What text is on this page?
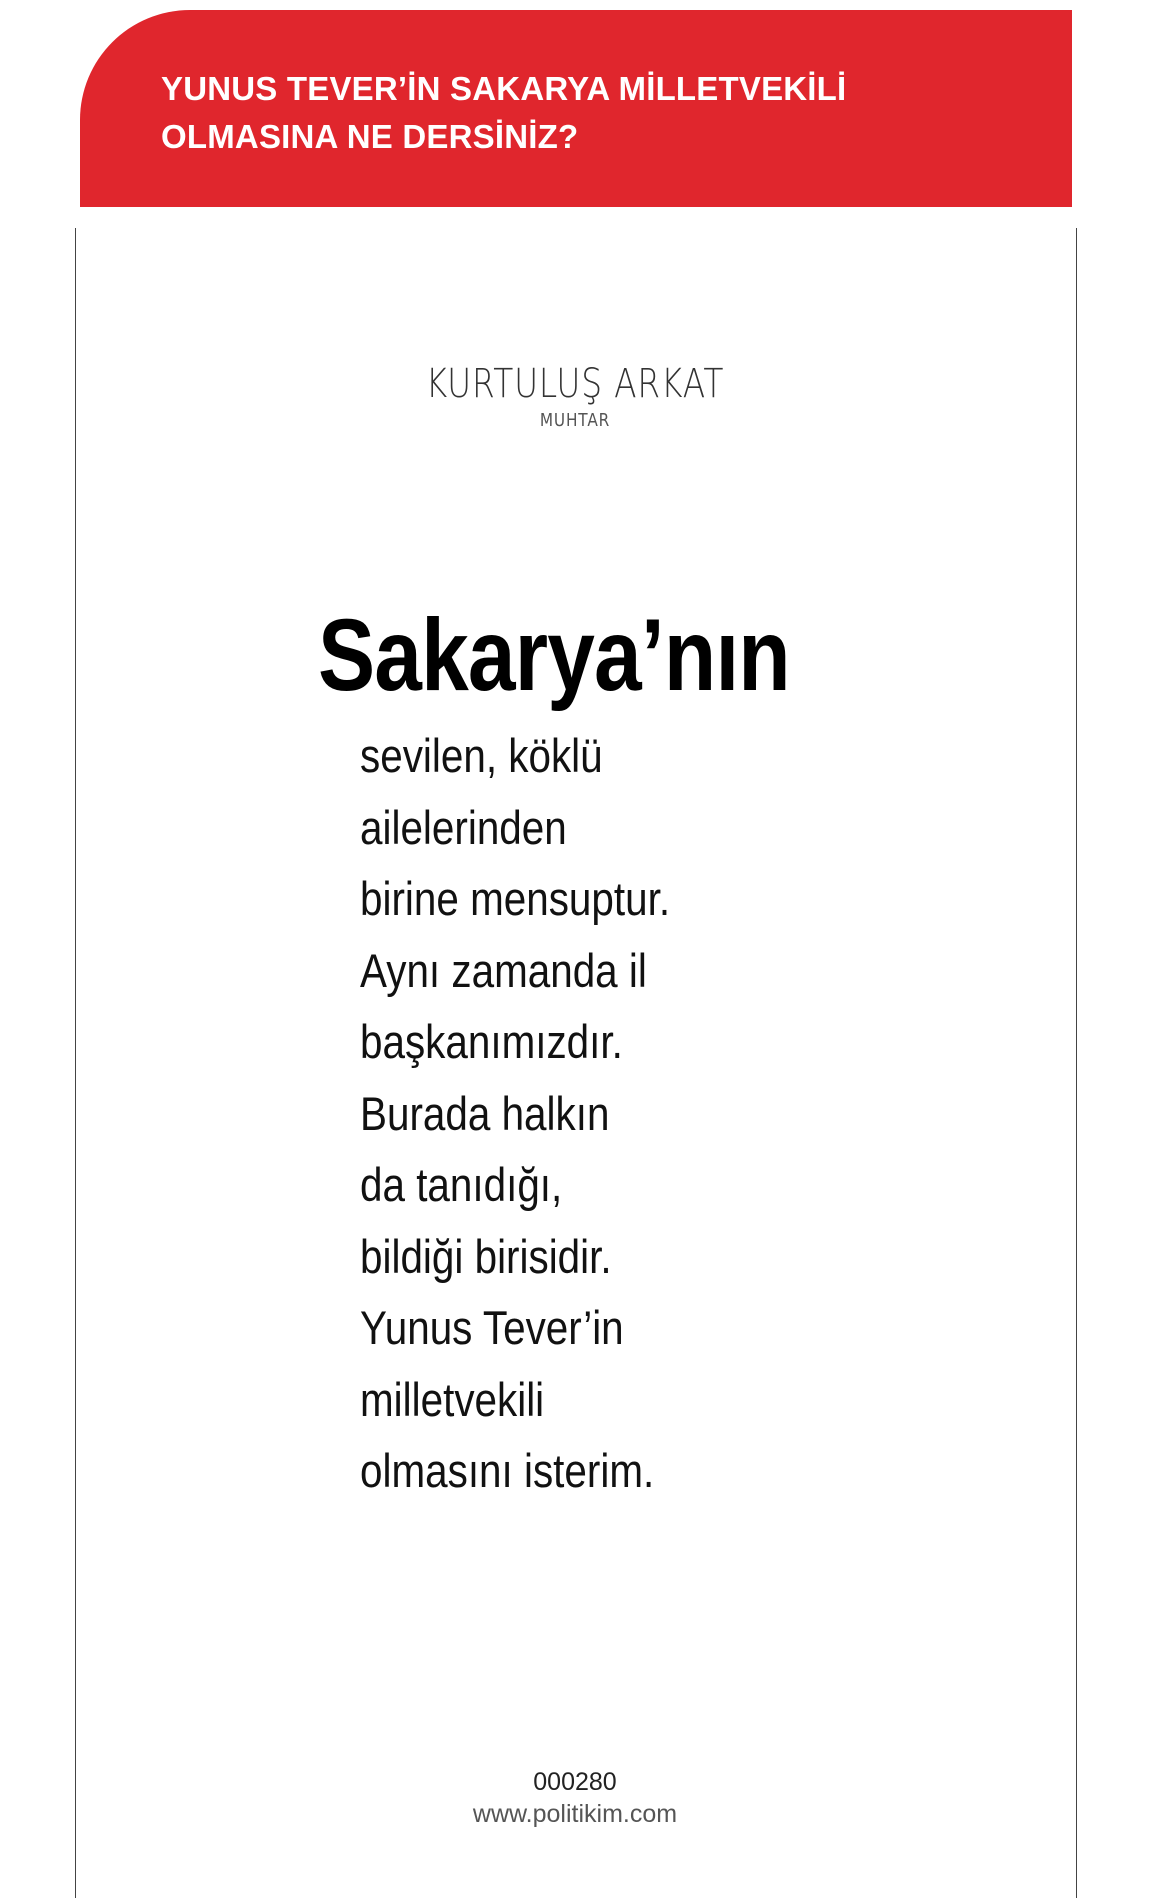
YUNUS TEVER’İN SAKARYA MİLLETVEKİLİ
OLMASINA NE DERSİNİZ?
KURTULUŞ ARKAT
MUHTAR
Sakarya’nın
sevilen, köklü
ailelerinden
birine mensuptur.
Aynı zamanda il
başkanımızdır.
Burada halkın
da tanıdığı,
bildiği birisidir.
Yunus Tever’in
milletvekili
olmasını isterim.
000280
www.politikim.com
